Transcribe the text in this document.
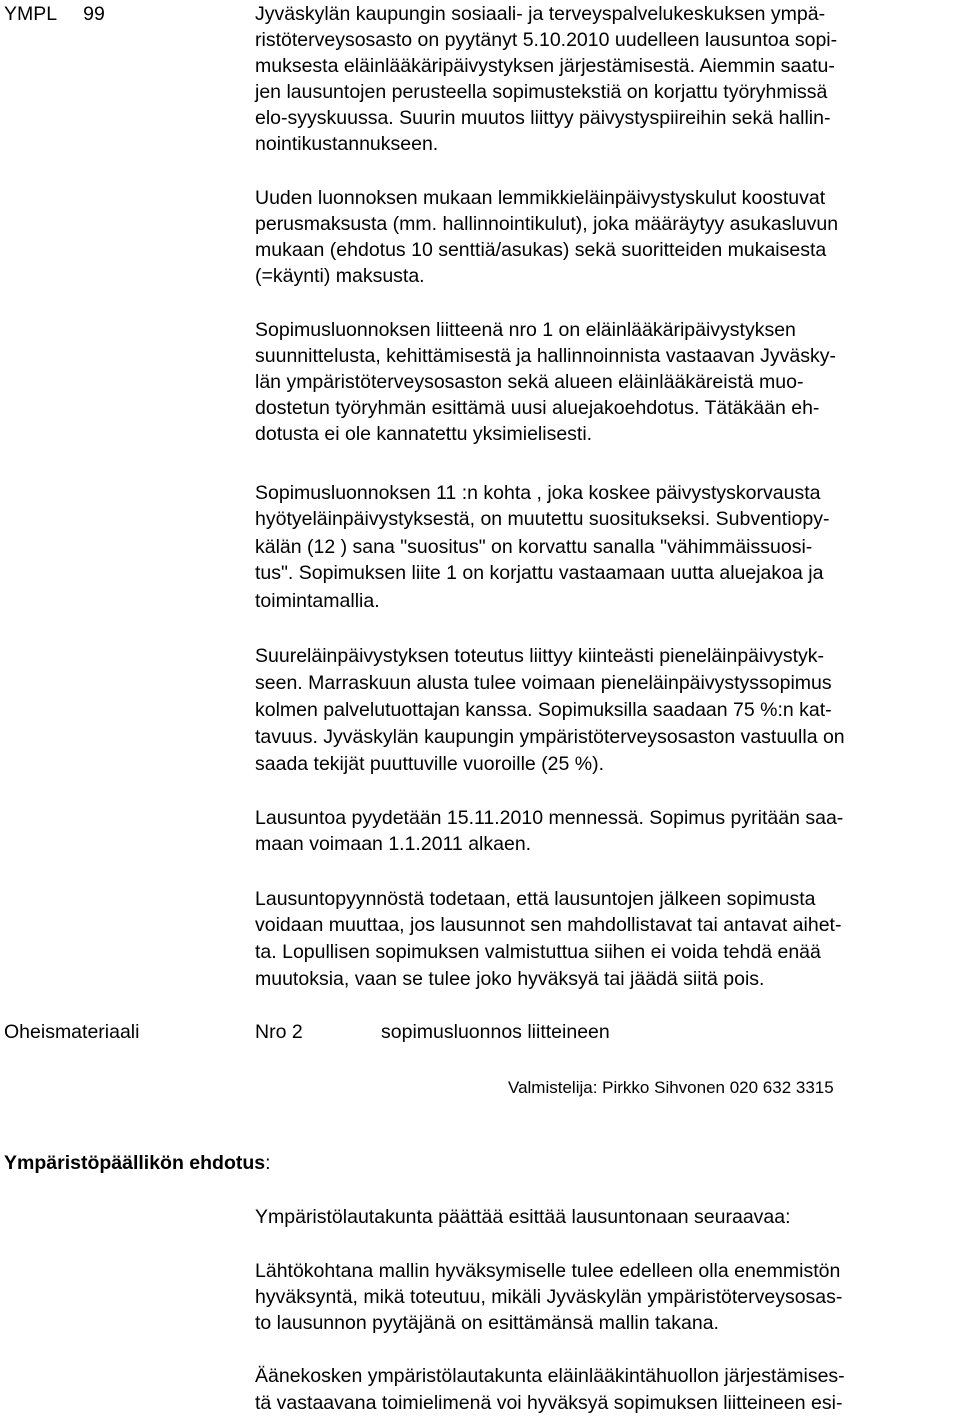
YMPL 99	Jyväskylän kaupungin sosiaali- ja terveyspalvelukeskuksen ympä-
ristöterveysosasto on pyytänyt 5.10.2010 uudelleen lausuntoa sopi-
muksesta eläinlääkäripäivystyksen järjestämisestä. Aiemmin saatu-
jen lausuntojen perusteella sopimustekstiä on korjattu työryhmissä
elo-syyskuussa. Suurin muutos liittyy päivystyspiireihin sekä hallin-
nointikustannukseen.
Uuden luonnoksen mukaan lemmikkieläinpäivystyskulut koostuvat
perusmaksusta (mm. hallinnointikulut), joka määräytyy asukasluvun
mukaan (ehdotus 10 senttiä/asukas) sekä suoritteiden mukaisesta
(=käynti) maksusta.
Sopimusluonnoksen liitteenä nro 1 on eläinlääkäripäivystyksen
suunnittelusta, kehittämisestä ja hallinnoinnista vastaavan Jyväsky-
län ympäristöterveysosaston sekä alueen eläinlääkäreistä muo-
dostetun työryhmän esittämä uusi aluejakoehdotus. Tätäkään eh-
dotusta ei ole kannatettu yksimielisesti.
Sopimusluonnoksen 11 :n kohta , joka koskee päivystyskorvausta
hyötyeläinpäivystyksestä, on muutettu suositukseksi. Subventiopy-
kälän (12 ) sana "suositus" on korvattu sanalla "vähimmäissuosi-
tus". Sopimuksen liite 1 on korjattu vastaamaan uutta aluejakoa ja
toimintamallia.
Suureläinpäivystyksen toteutus liittyy kiinteästi pieneläinpäivystyk-
seen. Marraskuun alusta tulee voimaan pieneläinpäivystyssopimus
kolmen palvelutuottajan kanssa. Sopimuksilla saadaan 75 %:n kat-
tavuus. Jyväskylän kaupungin ympäristöterveysosaston vastuulla on
saada tekijät puuttuville vuoroille (25 %).
Lausuntoa pyydetään 15.11.2010 mennessä. Sopimus pyritään saa-
maan voimaan 1.1.2011 alkaen.
Lausuntopyynnöstä todetaan, että lausuntojen jälkeen sopimusta
voidaan muuttaa, jos lausunnot sen mahdollistavat tai antavat aihet-
ta. Lopullisen sopimuksen valmistuttua siihen ei voida tehdä enää
muutoksia, vaan se tulee joko hyväksyä tai jäädä siitä pois.
Oheismateriaali	Nro 2	sopimusluonnos liitteineen
Valmistelija: Pirkko Sihvonen 020 632 3315
Ympäristöpäällikön ehdotus:
Ympäristölautakunta päättää esittää lausuntonaan seuraavaa:
Lähtökohtana mallin hyväksymiselle tulee edelleen olla enemmistön
hyväksyntä, mikä toteutuu, mikäli Jyväskylän ympäristöterveysosas-
to lausunnon pyytäjänä on esittämänsä mallin takana.
Äänekosken ympäristölautakunta eläinlääkintähuollon järjestämises-
tä vastaavana toimielimenä voi hyväksyä sopimuksen liitteineen esi-
